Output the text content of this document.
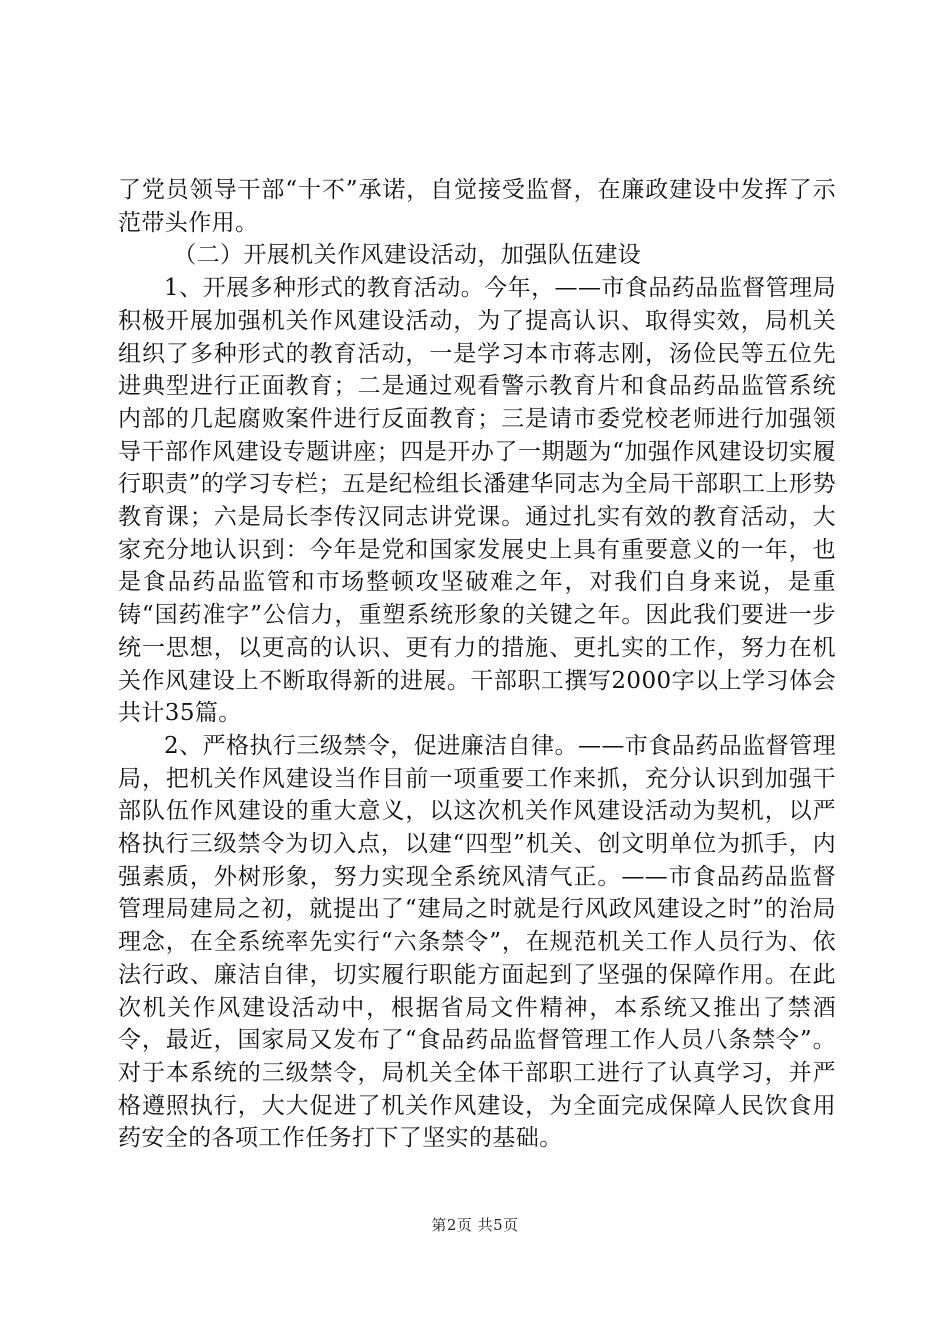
了党员领导干部“十不”承诺，自觉接受监督，在廉政建设中发挥了示范带头作用。

（二）开展机关作风建设活动，加强队伍建设

1、开展多种形式的教育活动。今年，——市食品药品监督管理局积极开展加强机关作风建设活动，为了提高认识、取得实效，局机关组织了多种形式的教育活动，一是学习本市蒋志刚，汤俭民等五位先进典型进行正面教育；二是通过观看警示教育片和食品药品监管系统内部的几起腐败案件进行反面教育；三是请市委党校老师进行加强领导干部作风建设专题讲座；四是开办了一期题为“加强作风建设切实履行职责”的学习专栏；五是纪检组长潘建华同志为全局干部职工上形势教育课；六是局长李传汉同志讲党课。通过扎实有效的教育活动，大家充分地认识到：今年是党和国家发展史上具有重要意义的一年，也是食品药品监管和市场整顿攻坚破难之年，对我们自身来说，是重铸“国药准字”公信力，重塑系统形象的关键之年。因此我们要进一步统一思想，以更高的认识、更有力的措施、更扎实的工作，努力在机关作风建设上不断取得新的进展。干部职工撰写2000字以上学习体会共计35篇。

2、严格执行三级禁令，促进廉洁自律。——市食品药品监督管理局，把机关作风建设当作目前一项重要工作来抓，充分认识到加强干部队伍作风建设的重大意义，以这次机关作风建设活动为契机，以严格执行三级禁令为切入点，以建“四型”机关、创文明单位为抓手，内强素质，外树形象，努力实现全系统风清气正。——市食品药品监督管理局建局之初，就提出了“建局之时就是行风政风建设之时”的治局理念，在全系统率先实行“六条禁令”，在规范机关工作人员行为、依法行政、廉洁自律，切实履行职能方面起到了坚强的保障作用。在此次机关作风建设活动中，根据省局文件精神，本系统又推出了禁酒令，最近，国家局又发布了“食品药品监督管理工作人员八条禁令”。对于本系统的三级禁令，局机关全体干部职工进行了认真学习，并严格遵照执行，大大促进了机关作风建设，为全面完成保障人民饮食用药安全的各项工作任务打下了坚实的基础。

第2页 共5页
